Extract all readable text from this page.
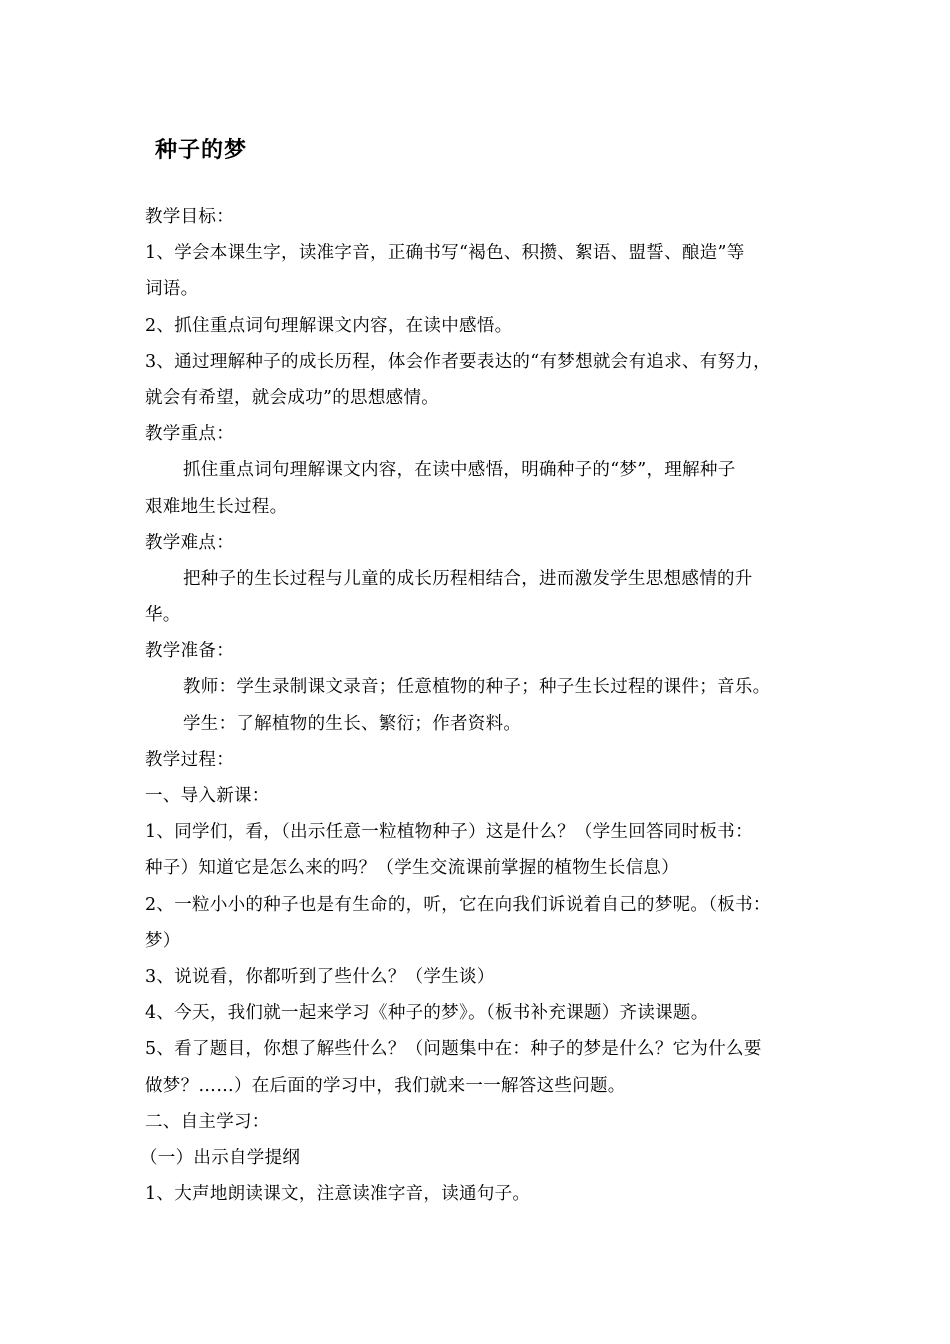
种子的梦
教学目标：
1、学会本课生字，读准字音，正确书写“褐色、积攒、絮语、盟誓、酿造”等
词语。
2、抓住重点词句理解课文内容，在读中感悟。
3、通过理解种子的成长历程，体会作者要表达的“有梦想就会有追求、有努力，
就会有希望，就会成功”的思想感情。
教学重点：
抓住重点词句理解课文内容，在读中感悟，明确种子的“梦”，理解种子
艰难地生长过程。
教学难点：
把种子的生长过程与儿童的成长历程相结合，进而激发学生思想感情的升
华。
教学准备：
教师：学生录制课文录音；任意植物的种子；种子生长过程的课件；音乐。
学生：了解植物的生长、繁衍；作者资料。
教学过程：
一、导入新课：
1、同学们，看，（出示任意一粒植物种子）这是什么？（学生回答同时板书：
种子）知道它是怎么来的吗？（学生交流课前掌握的植物生长信息）
2、一粒小小的种子也是有生命的，听，它在向我们诉说着自己的梦呢。（板书：
梦）
3、说说看，你都听到了些什么？（学生谈）
4、今天，我们就一起来学习《种子的梦》。（板书补充课题）齐读课题。
5、看了题目，你想了解些什么？（问题集中在：种子的梦是什么？它为什么要
做梦？……）在后面的学习中，我们就来一一解答这些问题。
二、自主学习：
（一）出示自学提纲
1、大声地朗读课文，注意读准字音，读通句子。
